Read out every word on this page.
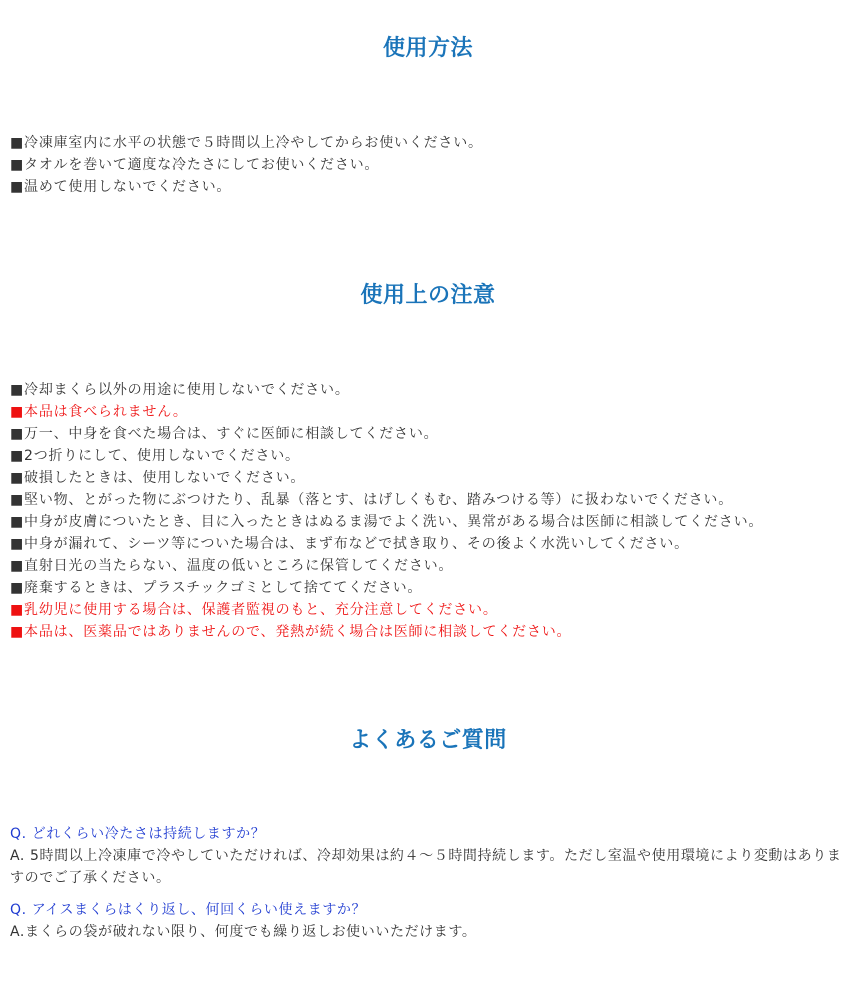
使用方法
■冷凍庫室内に水平の状態で５時間以上冷やしてからお使いください。
■タオルを巻いて適度な冷たさにしてお使いください。
■温めて使用しないでください。
使用上の注意
■冷却まくら以外の用途に使用しないでください。
■本品は食べられません。
■万一、中身を食べた場合は、すぐに医師に相談してください。
■2つ折りにして、使用しないでください。
■破損したときは、使用しないでください。
■堅い物、とがった物にぶつけたり、乱暴（落とす、はげしくもむ、踏みつける等）に扱わないでください。
■中身が皮膚についたとき、目に入ったときはぬるま湯でよく洗い、異常がある場合は医師に相談してください。
■中身が漏れて、シーツ等についた場合は、まず布などで拭き取り、その後よく水洗いしてください。
■直射日光の当たらない、温度の低いところに保管してください。
■廃棄するときは、プラスチックゴミとして捨ててください。
■乳幼児に使用する場合は、保護者監視のもと、充分注意してください。
■本品は、医薬品ではありませんので、発熱が続く場合は医師に相談してください。
よくあるご質問
Q. どれくらい冷たさは持続しますか？
A. 5時間以上冷凍庫で冷やしていただければ、冷却効果は約４～５時間持続します。ただし室温や使用環境により変動はありますのでご了承ください。
Q. アイスまくらはくり返し、何回くらい使えますか？
A.まくらの袋が破れない限り、何度でも繰り返しお使いいただけます。
